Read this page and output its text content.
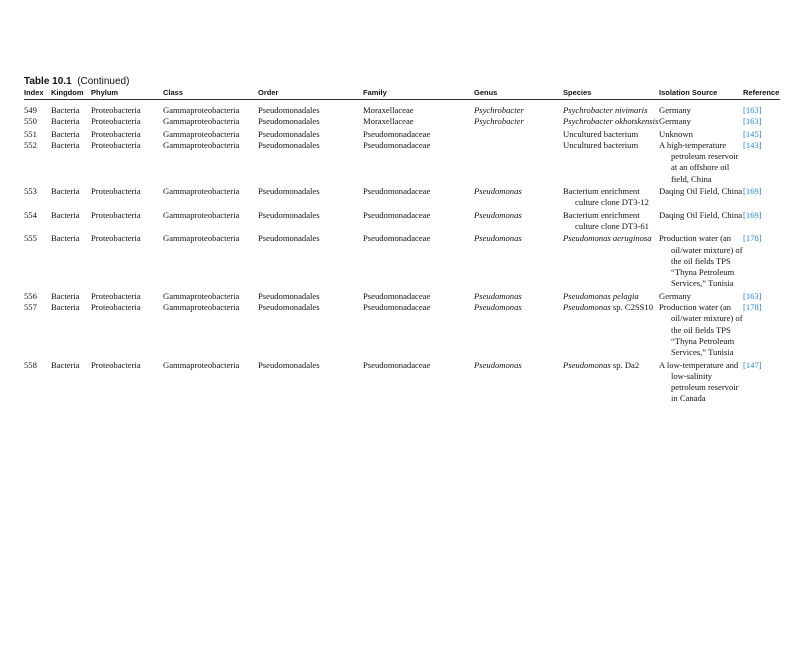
Table 10.1 (Continued)
Index	Kingdom	Phylum	Class	Order	Family	Genus	Species	Isolation Source	Reference
549	Bacteria	Proteobacteria	Gammaproteobacteria	Pseudomonadales	Moraxellaceae	Psychrobacter	Psychrobacter nivimaris	Germany	[163]
550	Bacteria	Proteobacteria	Gammaproteobacteria	Pseudomonadales	Moraxellaceae	Psychrobacter	Psychrobacter okhotskensis	Germany	[163]
551	Bacteria	Proteobacteria	Gammaproteobacteria	Pseudomonadales	Pseudomonadaceae		Uncultured bacterium	Unknown	[145]
552	Bacteria	Proteobacteria	Gammaproteobacteria	Pseudomonadales	Pseudomonadaceae		Uncultured bacterium	A high-temperature petroleum reservoir at an offshore oil field, China	[143]
553	Bacteria	Proteobacteria	Gammaproteobacteria	Pseudomonadales	Pseudomonadaceae	Pseudomonas	Bacterium enrichment culture clone DT3-12	Daqing Oil Field, China	[169]
554	Bacteria	Proteobacteria	Gammaproteobacteria	Pseudomonadales	Pseudomonadaceae	Pseudomonas	Bacterium enrichment culture clone DT3-61	Daqing Oil Field, China	[169]
555	Bacteria	Proteobacteria	Gammaproteobacteria	Pseudomonadales	Pseudomonadaceae	Pseudomonas	Pseudomonas aeruginosa	Production water (an oil/water mixture) of the oil fields TPS “Thyna Petroleum Services,” Tunisia	[178]
556	Bacteria	Proteobacteria	Gammaproteobacteria	Pseudomonadales	Pseudomonadaceae	Pseudomonas	Pseudomonas pelagia	Germany	[163]
557	Bacteria	Proteobacteria	Gammaproteobacteria	Pseudomonadales	Pseudomonadaceae	Pseudomonas	Pseudomonas sp. C2SS10	Production water (an oil/water mixture) of the oil fields TPS “Thyna Petroleum Services,” Tunisia	[178]
558	Bacteria	Proteobacteria	Gammaproteobacteria	Pseudomonadales	Pseudomonadaceae	Pseudomonas	Pseudomonas sp. Da2	A low-temperature and low-salinity petroleum reservoir in Canada	[147]
